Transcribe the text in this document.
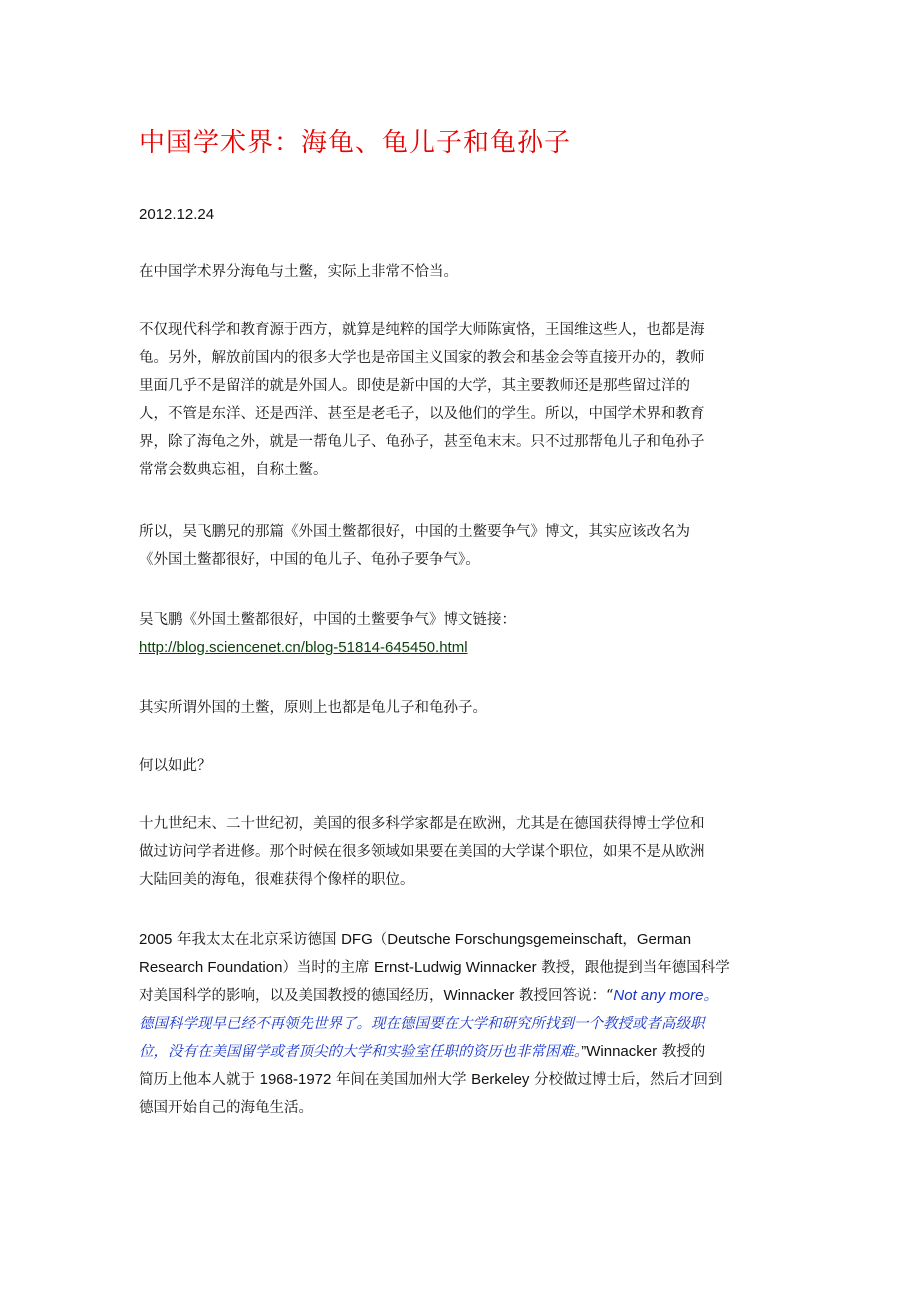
中国学术界：海龟、龟儿子和龟孙子
2012.12.24

在中国学术界分海龟与土鳖，实际上非常不恰当。

不仅现代科学和教育源于西方，就算是纯粹的国学大师陈寅恪，王国维这些人，也都是海
龟。另外，解放前国内的很多大学也是帝国主义国家的教会和基金会等直接开办的，教师
里面几乎不是留洋的就是外国人。即使是新中国的大学，其主要教师还是那些留过洋的
人，不管是东洋、还是西洋、甚至是老毛子，以及他们的学生。所以，中国学术界和教育
界，除了海龟之外，就是一帮龟儿子、龟孙子，甚至龟末末。只不过那帮龟儿子和龟孙子
常常会数典忘祖，自称土鳖。

所以，吴飞鹏兄的那篇《外国土鳖都很好，中国的土鳖要争气》博文，其实应该改名为
《外国土鳖都很好，中国的龟儿子、龟孙子要争气》。

吴飞鹏《外国土鳖都很好，中国的土鳖要争气》博文链接：
http://blog.sciencenet.cn/blog-51814-645450.html

其实所谓外国的土鳖，原则上也都是龟儿子和龟孙子。

何以如此？

十九世纪末、二十世纪初，美国的很多科学家都是在欧洲，尤其是在德国获得博士学位和
做过访问学者进修。那个时候在很多领域如果要在美国的大学谋个职位，如果不是从欧洲
大陆回美的海龟，很难获得个像样的职位。

2005 年我太太在北京采访德国 DFG（Deutsche Forschungsgemeinschaft，German
Research Foundation）当时的主席 Ernst-Ludwig Winnacker 教授，跟他提到当年德国科学
对美国科学的影响，以及美国教授的德国经历，Winnacker 教授回答说：“Not any more。
德国科学现早已经不再领先世界了。现在德国要在大学和研究所找到一个教授或者高级职
位，没有在美国留学或者顶尖的大学和实验室任职的资历也非常困难。”Winnacker 教授的
简历上他本人就于 1968-1972 年间在美国加州大学 Berkeley 分校做过博士后，然后才回到
德国开始自己的海龟生活。
